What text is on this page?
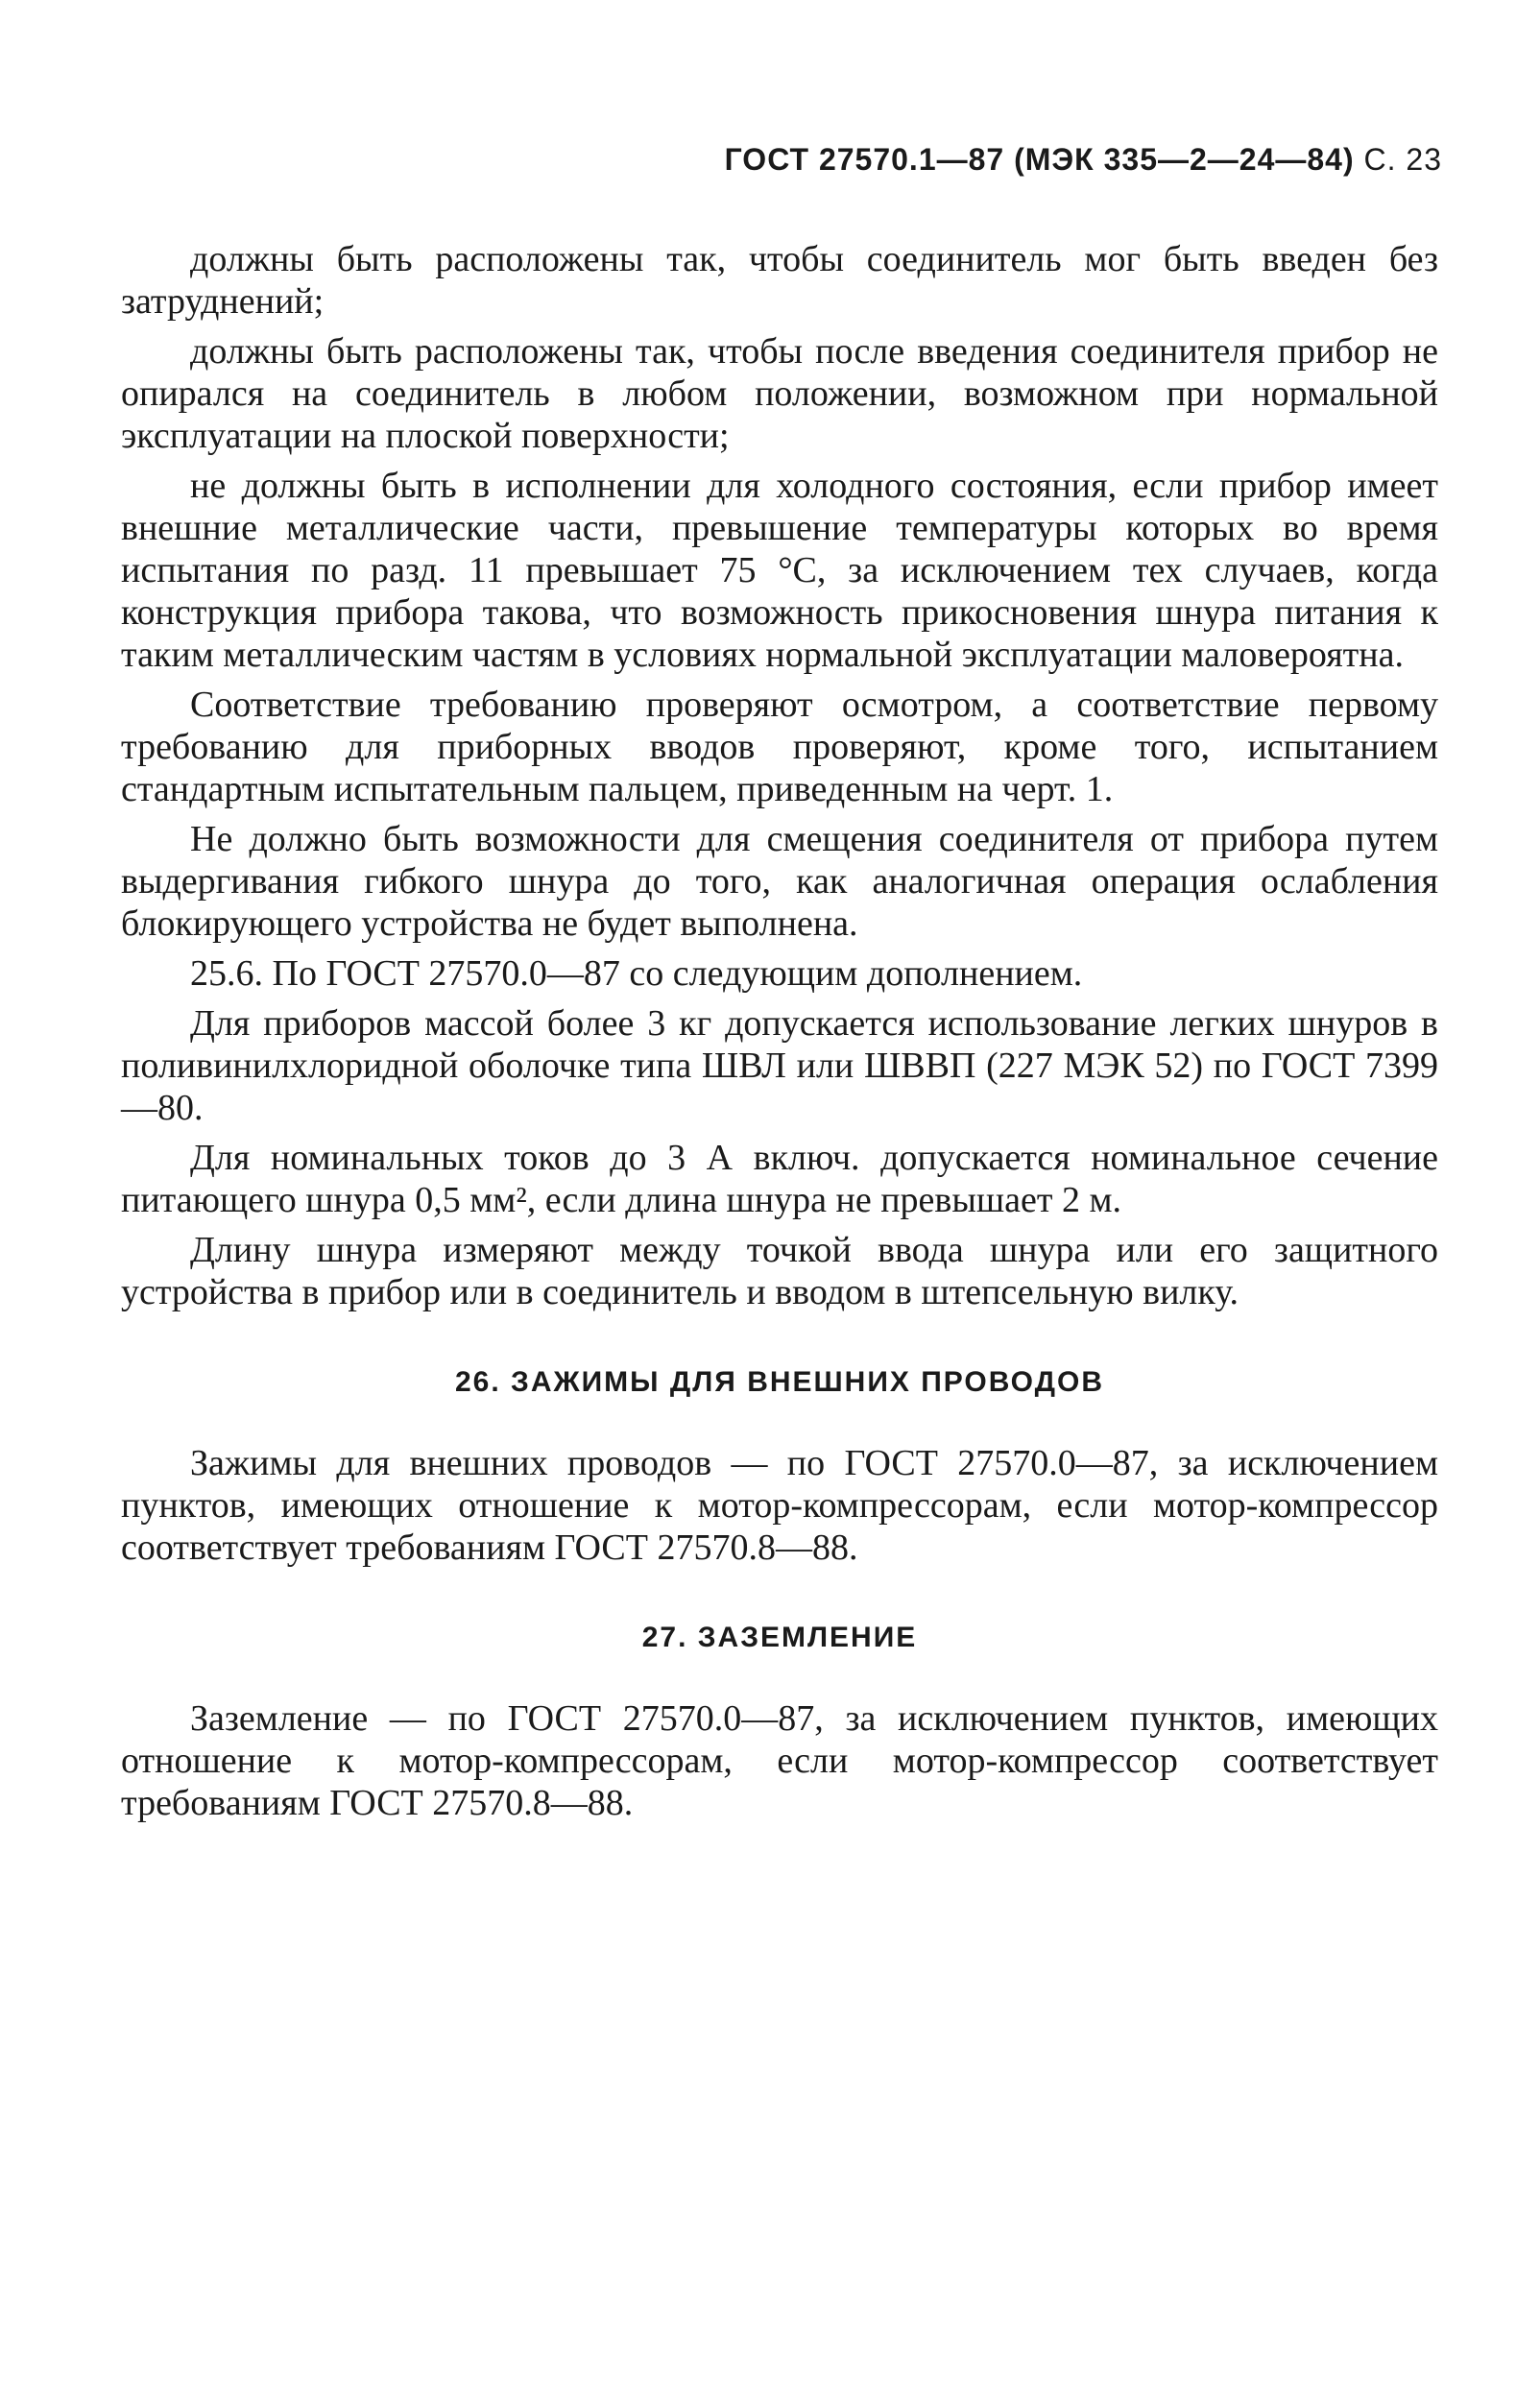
ГОСТ 27570.1—87 (МЭК 335—2—24—84) С. 23

должны быть расположены так, чтобы соединитель мог быть введен без затруднений;

должны быть расположены так, чтобы после введения соединителя прибор не опирался на соединитель в любом положении, возможном при нормальной эксплуатации на плоской поверхности;

не должны быть в исполнении для холодного состояния, если прибор имеет внешние металлические части, превышение температуры которых во время испытания по разд. 11 превышает 75 °С, за исключением тех случаев, когда конструкция прибора такова, что возможность прикосновения шнура питания к таким металлическим частям в условиях нормальной эксплуатации маловероятна.

Соответствие требованию проверяют осмотром, а соответствие первому требованию для приборных вводов проверяют, кроме того, испытанием стандартным испытательным пальцем, приведенным на черт. 1.

Не должно быть возможности для смещения соединителя от прибора путем выдергивания гибкого шнура до того, как аналогичная операция ослабления блокирующего устройства не будет выполнена.

25.6. По ГОСТ 27570.0—87 со следующим дополнением.

Для приборов массой более 3 кг допускается использование легких шнуров в поливинилхлоридной оболочке типа ШВЛ или ШВВП (227 МЭК 52) по ГОСТ 7399—80.

Для номинальных токов до 3 А включ. допускается номинальное сечение питающего шнура 0,5 мм², если длина шнура не превышает 2 м.

Длину шнура измеряют между точкой ввода шнура или его защитного устройства в прибор или в соединитель и вводом в штепсельную вилку.

26. ЗАЖИМЫ ДЛЯ ВНЕШНИХ ПРОВОДОВ

Зажимы для внешних проводов — по ГОСТ 27570.0—87, за исключением пунктов, имеющих отношение к мотор-компрессорам, если мотор-компрессор соответствует требованиям ГОСТ 27570.8—88.

27. ЗАЗЕМЛЕНИЕ

Заземление — по ГОСТ 27570.0—87, за исключением пунктов, имеющих отношение к мотор-компрессорам, если мотор-компрессор соответствует требованиям ГОСТ 27570.8—88.
